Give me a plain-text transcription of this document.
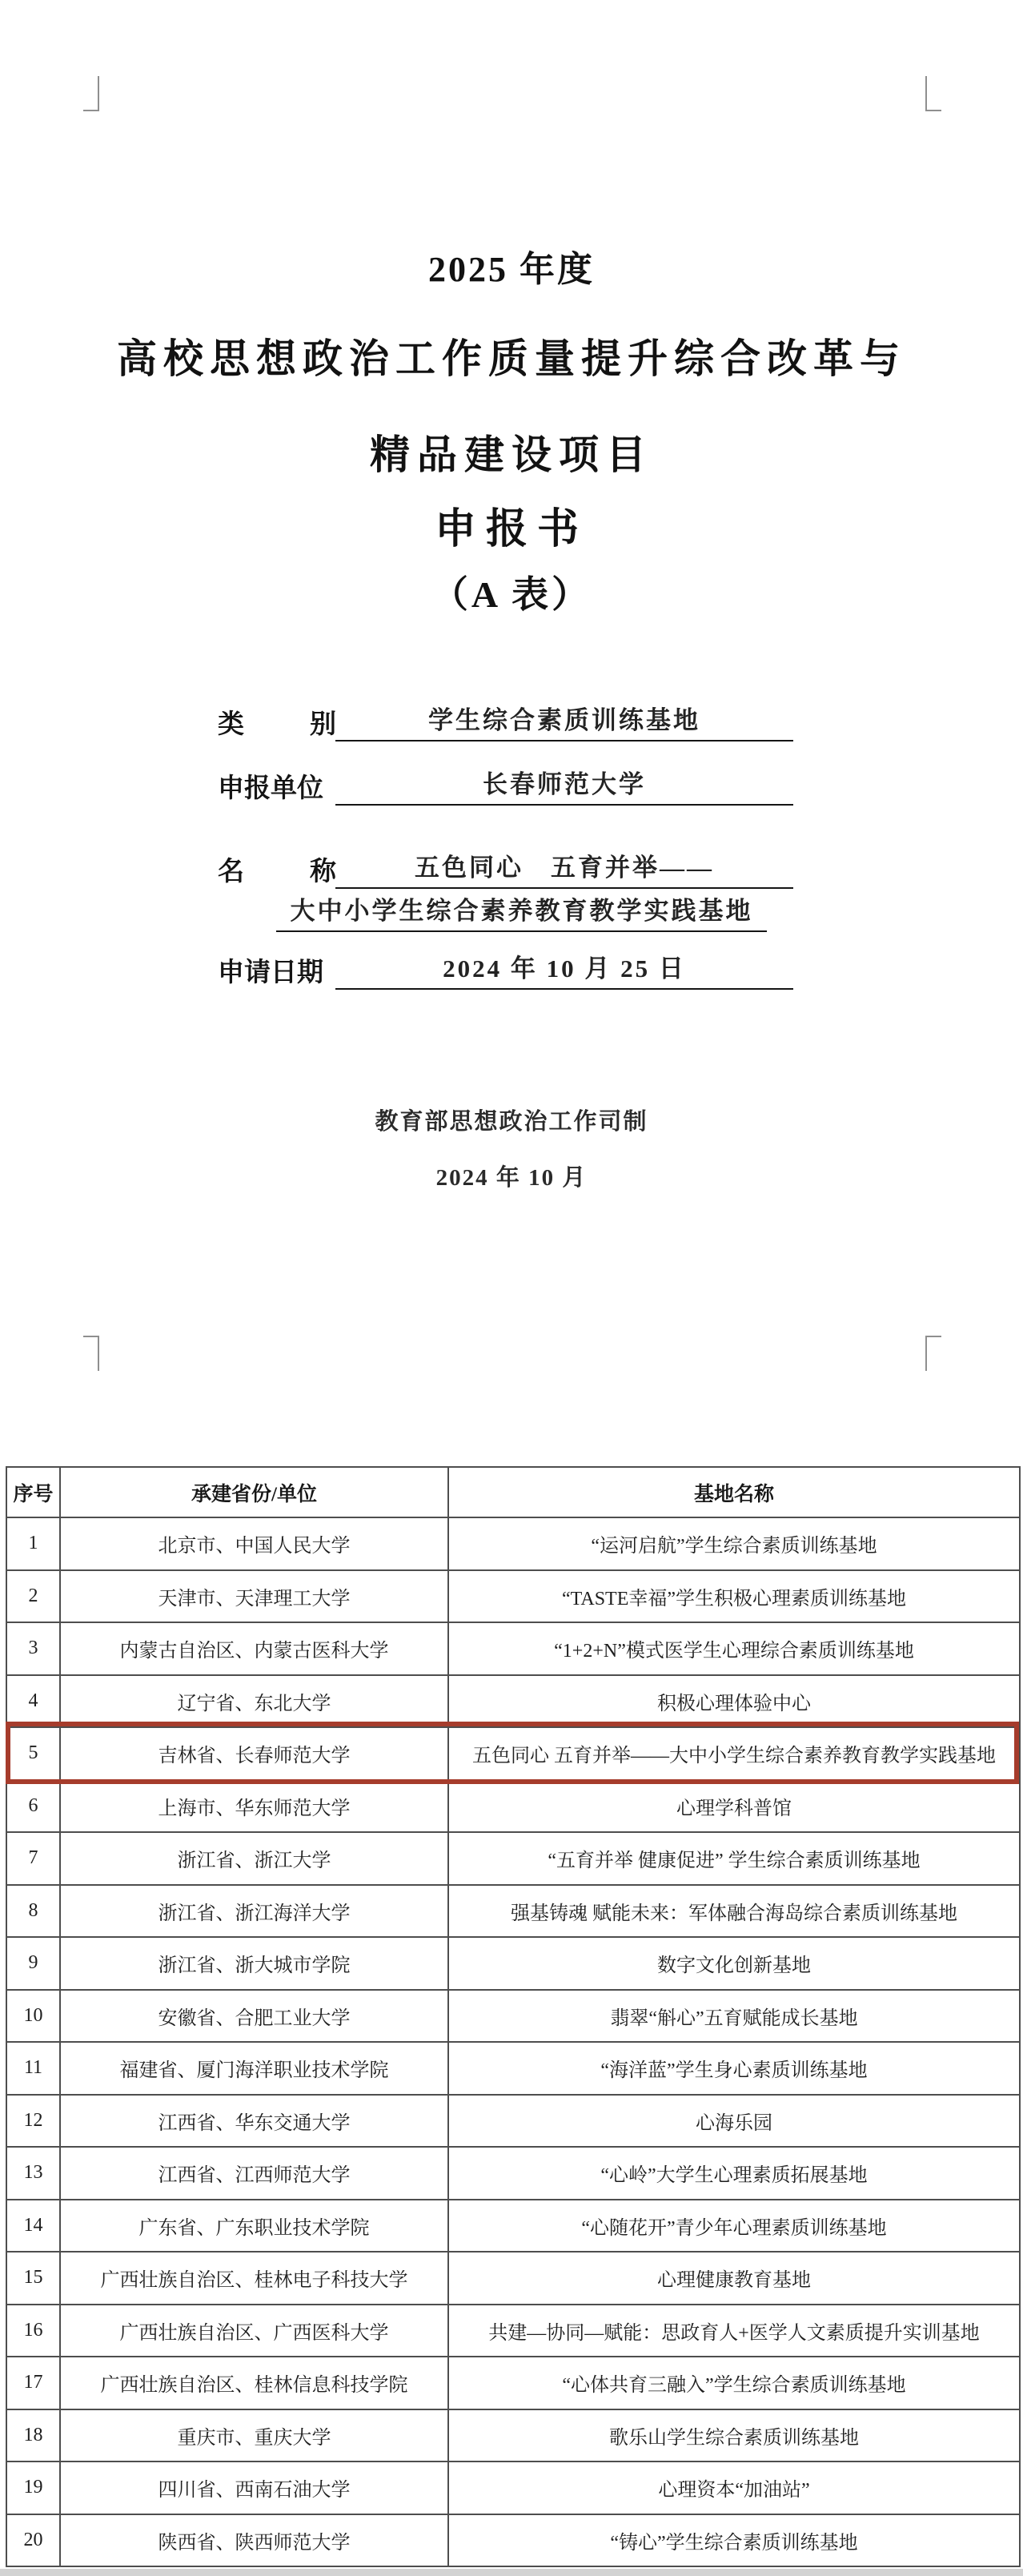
2025 年度
高校思想政治工作质量提升综合改革与
精品建设项目
申报书
（A 表）
类 别	学生综合素质训练基地
申报单位	长春师范大学
名 称	五色同心　五育并举——
大中小学生综合素养教育教学实践基地
申请日期	2024 年 10 月 25 日
教育部思想政治工作司制
2024 年 10 月
序号	承建省份/单位	基地名称
1	北京市、中国人民大学	“运河启航”学生综合素质训练基地
2	天津市、天津理工大学	“TASTE幸福”学生积极心理素质训练基地
3	内蒙古自治区、内蒙古医科大学	“1+2+N”模式医学生心理综合素质训练基地
4	辽宁省、东北大学	积极心理体验中心
5	吉林省、长春师范大学	五色同心 五育并举——大中小学生综合素养教育教学实践基地
6	上海市、华东师范大学	心理学科普馆
7	浙江省、浙江大学	“五育并举 健康促进” 学生综合素质训练基地
8	浙江省、浙江海洋大学	强基铸魂 赋能未来：军体融合海岛综合素质训练基地
9	浙江省、浙大城市学院	数字文化创新基地
10	安徽省、合肥工业大学	翡翠“斛心”五育赋能成长基地
11	福建省、厦门海洋职业技术学院	“海洋蓝”学生身心素质训练基地
12	江西省、华东交通大学	心海乐园
13	江西省、江西师范大学	“心岭”大学生心理素质拓展基地
14	广东省、广东职业技术学院	“心随花开”青少年心理素质训练基地
15	广西壮族自治区、桂林电子科技大学	心理健康教育基地
16	广西壮族自治区、广西医科大学	共建—协同—赋能：思政育人+医学人文素质提升实训基地
17	广西壮族自治区、桂林信息科技学院	“心体共育三融入”学生综合素质训练基地
18	重庆市、重庆大学	歌乐山学生综合素质训练基地
19	四川省、西南石油大学	心理资本“加油站”
20	陕西省、陕西师范大学	“铸心”学生综合素质训练基地
